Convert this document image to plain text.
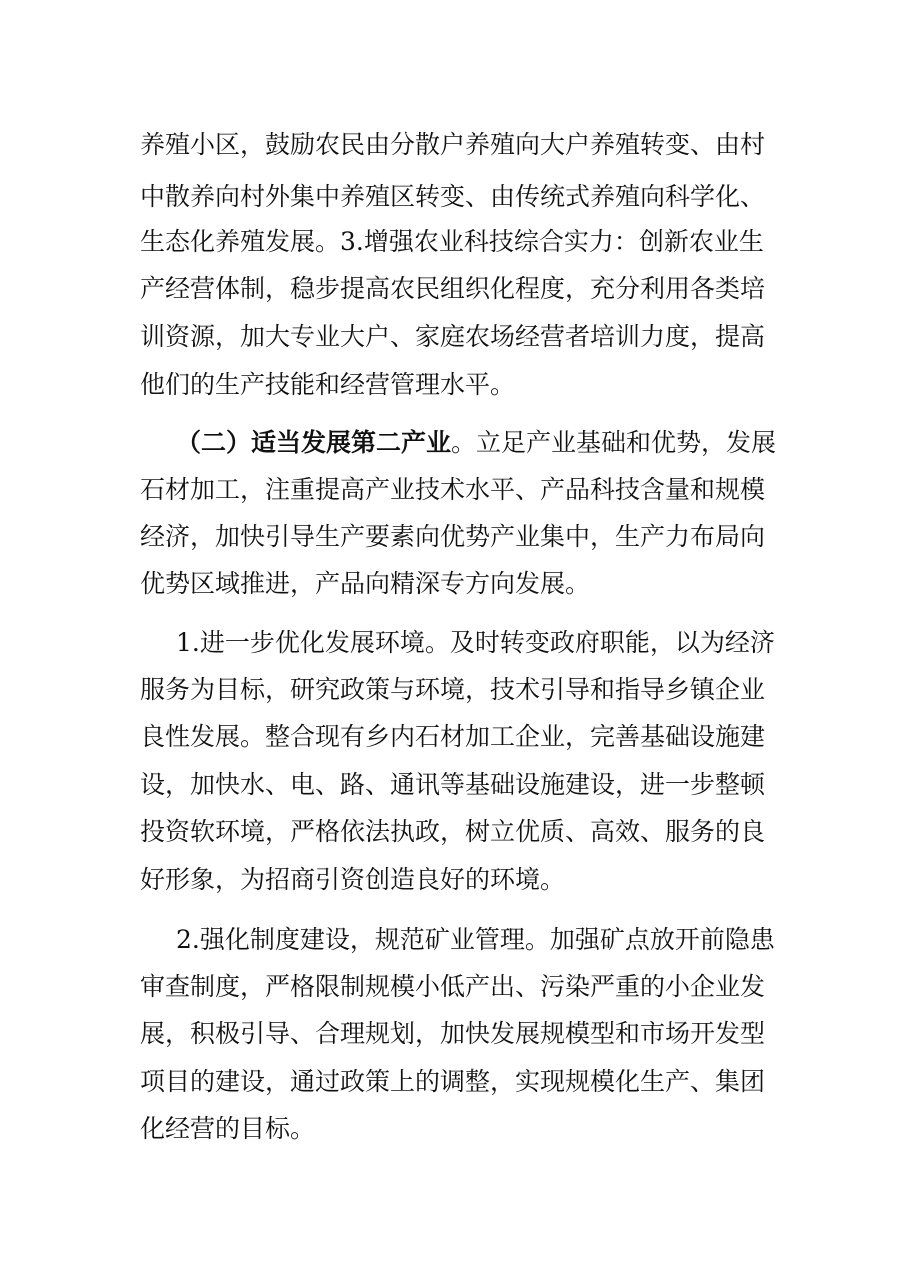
养殖小区，鼓励农民由分散户养殖向大户养殖转变、由村
中散养向村外集中养殖区转变、由传统式养殖向科学化、
生态化养殖发展。3.增强农业科技综合实力：创新农业生
产经营体制，稳步提高农民组织化程度，充分利用各类培
训资源，加大专业大户、家庭农场经营者培训力度，提高
他们的生产技能和经营管理水平。
（二）适当发展第二产业。立足产业基础和优势，发展
石材加工，注重提高产业技术水平、产品科技含量和规模
经济，加快引导生产要素向优势产业集中，生产力布局向
优势区域推进，产品向精深专方向发展。
1.进一步优化发展环境。及时转变政府职能，以为经济
服务为目标，研究政策与环境，技术引导和指导乡镇企业
良性发展。整合现有乡内石材加工企业，完善基础设施建
设，加快水、电、路、通讯等基础设施建设，进一步整顿
投资软环境，严格依法执政，树立优质、高效、服务的良
好形象，为招商引资创造良好的环境。
2.强化制度建设，规范矿业管理。加强矿点放开前隐患
审查制度，严格限制规模小低产出、污染严重的小企业发
展，积极引导、合理规划，加快发展规模型和市场开发型
项目的建设，通过政策上的调整，实现规模化生产、集团
化经营的目标。
